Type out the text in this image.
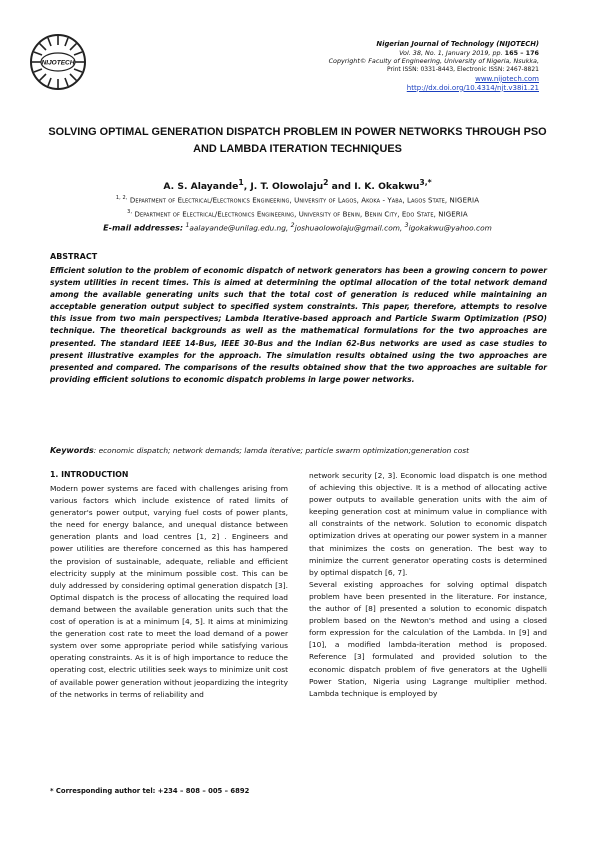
NIJOTECH
Nigerian Journal of Technology (NIJOTECH)
Vol. 38, No. 1, January 2019, pp. 165 – 176
Copyright© Faculty of Engineering, University of Nigeria, Nsukka,
Print ISSN: 0331-8443, Electronic ISSN: 2467-8821
www.nijotech.com
http://dx.doi.org/10.4314/njt.v38i1.21
SOLVING OPTIMAL GENERATION DISPATCH PROBLEM IN POWER NETWORKS THROUGH PSO AND LAMBDA ITERATION TECHNIQUES
A. S. Alayande$^1$, J. T. Olowolaju$^2$ and I. K. Okakwu$^{3,*}$
$^{1, 2,}$ Department of Electrical/Electronics Engineering, University of Lagos, Akoka - Yaba, Lagos State, NIGERIA
$^{3,}$ Department of Electrical/Electronics Engineering, University of Benin, Benin City, Edo State, NIGERIA
E-mail addresses: $^1$aalayande@unilag.edu.ng, $^2$joshuaolowolaju@gmail.com, $^3$igokakwu@yahoo.com
ABSTRACT

Efficient solution to the problem of economic dispatch of network generators has been a growing concern to power system utilities in recent times. This is aimed at determining the optimal allocation of the total network demand among the available generating units such that the total cost of generation is reduced while maintaining an acceptable generation output subject to specified system constraints. This paper, therefore, attempts to resolve this issue from two main perspectives; Lambda Iterative-based approach and Particle Swarm Optimization (PSO) technique. The theoretical backgrounds as well as the mathematical formulations for the two approaches are presented. The standard IEEE 14-Bus, IEEE 30-Bus and the Indian 62-Bus networks are used as case studies to present illustrative examples for the approach. The simulation results obtained using the two approaches are presented and compared. The comparisons of the results obtained show that the two approaches are suitable for providing efficient solutions to economic dispatch problems in large power networks.

Keywords: economic dispatch; network demands; lamda iterative; particle swarm optimization;generation cost
1. INTRODUCTION

Modern power systems are faced with challenges arising from various factors which include existence of rated limits of generator's power output, varying fuel costs of power plants, the need for energy balance, and unequal distance between generation plants and load centres [1, 2] . Engineers and power utilities are therefore concerned as this has hampered the provision of sustainable, adequate, reliable and efficient electricity supply at the minimum possible cost. This can be duly addressed by considering optimal generation dispatch [3]. Optimal dispatch is the process of allocating the required load demand between the available generation units such that the cost of operation is at a minimum [4, 5]. It aims at minimizing the generation cost rate to meet the load demand of a power system over some appropriate period while satisfying various operating constraints. As it is of high importance to reduce the operating cost, electric utilities seek ways to minimize unit cost of available power generation without jeopardizing the integrity of the networks in terms of reliability and

network security [2, 3]. Economic load dispatch is one method of achieving this objective. It is a method of allocating active power outputs to available generation units with the aim of keeping generation cost at minimum value in compliance with all constraints of the network. Solution to economic dispatch optimization drives at operating our power system in a manner that minimizes the costs on generation. The best way to minimize the current generator operating costs is determined by optimal dispatch [6, 7].
Several existing approaches for solving optimal dispatch problem have been presented in the literature. For instance, the author of [8] presented a solution to economic dispatch problem based on the Newton's method and using a closed form expression for the calculation of the Lambda. In [9] and [10], a modified lambda-iteration method is proposed. Reference [3] formulated and provided solution to the economic dispatch problem of five generators at the Ughelli Power Station, Nigeria using Lagrange multiplier method. Lambda technique is employed by

* Corresponding author tel: +234 – 808 – 005 – 6892
